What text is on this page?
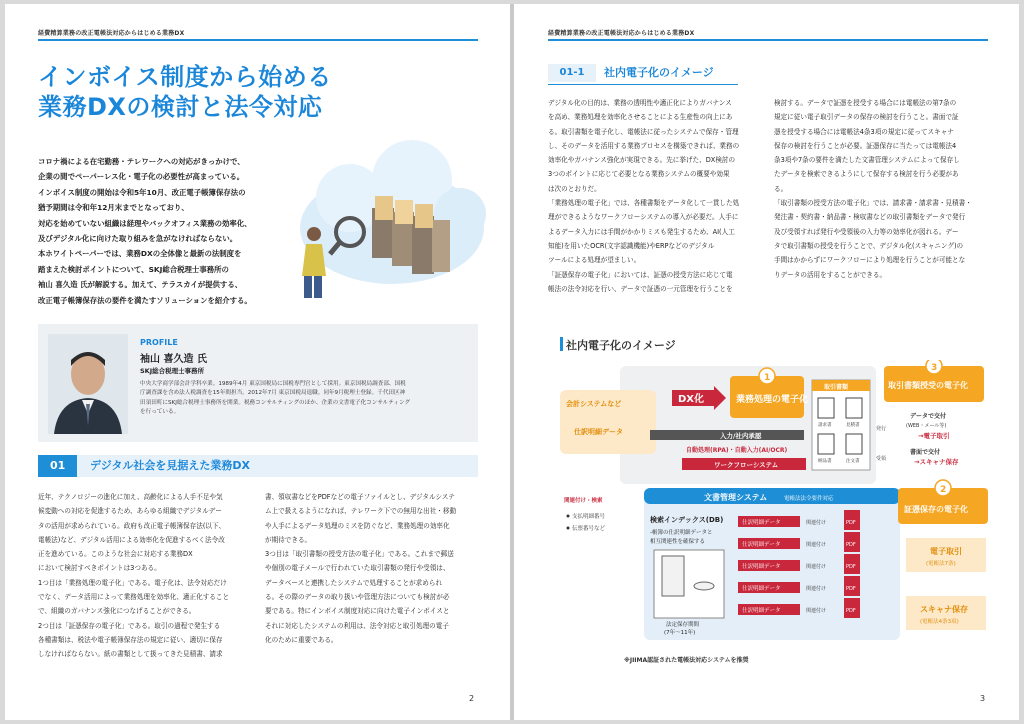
経費精算業務の改正電帳法対応からはじめる業務DX
インボイス制度から始める
業務DXの検討と法令対応

コロナ禍による在宅勤務・テレワークへの対応がきっかけで、

企業の間でペーパーレス化・電子化の必要性が高まっている。

インボイス制度の開始は令和5年10月、改正電子帳簿保存法の

猶予期間は令和年12月末までとなっており、

対応を始めていない組織は経理やバックオフィス業務の効率化、

及びデジタル化に向けた取り組みを急がなければならない。

本ホワイトペーパーでは、業務DXの全体像と最新の法制度を

踏まえた検討ポイントについて、SKJ総合税理士事務所の

袖山 喜久造 氏が解説する。加えて、テラスカイが提供する、

改正電子帳簿保存法の要件を満たすソリューションを紹介する。

PROFILE
袖山 喜久造 氏
SKJ総合税理士事務所
中央大学商学部会計学科卒業。1989年4月 東京国税局に国税専門官として採用。東京国税局調査部、国税
庁調査課を含め法人税調査を15年間担当。2012年7月 東京国税局退職。同年9月税理士登録。千代田区神
田須田町にSKJ総合税理士事務所を開業。税務コンサルティングのほか、企業の文書電子化コンサルティング
を行っている。
01	デジタル社会を見据えた業務DX

近年、テクノロジーの進化に加え、高齢化による人手不足や気

候変動への対応を促進するため、あらゆる組織でデジタルデー

タの活用が求められている。政府も改正電子帳簿保存法(以下、

電帳法)など、デジタル活用による効率化を促進するべく法令改

正を進めている。このような社会に対応する業務DX

において検討すべきポイントは3つある。

1つ目は「業務処理の電子化」である。電子化は、法令対応だけ

でなく、データ活用によって業務処理を効率化、適正化すること

で、組織のガバナンス強化につなげることができる。

2つ目は「証憑保存の電子化」である。取引の過程で発生する

各種書類は、税法や電子帳簿保存法の規定に従い、適切に保存

しなければならない。紙の書類として扱ってきた見積書、請求

書、領収書などをPDFなどの電子ファイルとし、デジタルシステ

ム上で扱えるようになれば、テレワーク下での無用な出社・移動

や人手によるデータ処理のミスを防ぐなど、業務処理の効率化

が期待できる。

3つ目は「取引書類の授受方法の電子化」である。これまで郵送

や個別の電子メールで行われていた取引書類の発行や受領は、

データベースと連携したシステムで処理することが求められ

る。その際のデータの取り扱いや管理方法についても検討が必

要である。特にインボイス制度対応に向けた電子インボイスと

それに対応したシステムの利用は、法令対応と取引処理の電子

化のために重要である。

2
経費精算業務の改正電帳法対応からはじめる業務DX
01-1	社内電子化のイメージ

デジタル化の目的は、業務の透明性や適正化によりガバナンス

を高め、業務処理を効率化させることによる生産性の向上にあ

る。取引書類を電子化し、電帳法に従ったシステムで保存・管理

し、そのデータを活用する業務プロセスを構築できれば、業務の

効率化やガバナンス強化が実現できる。先に挙げた、DX検討の

3つのポイントに応じて必要となる業務システムの概要や効果

は次のとおりだ。

「業務処理の電子化」では、各種書類をデータ化して一貫した処

理ができるようなワークフローシステムの導入が必要だ。人手に

よるデータ入力には手間がかかりミスも発生するため、AI(人工

知能)を用いたOCR(文字認識機能)やERPなどのデジタル

ツールによる処理が望ましい。

「証憑保存の電子化」においては、証憑の授受方法に応じて電

帳法の法令対応を行い、データで証憑の一元管理を行うことを

検討する。データで証憑を授受する場合には電帳法の第7条の

規定に従い電子取引データの保存の検討を行うこと。書面で証

憑を授受する場合には電帳法4条3項の規定に従ってスキャナ

保存の検討を行うことが必要。証憑保存に当たっては電帳法4

条3項や7条の要件を満たした文書管理システムによって保存し

たデータを検索できるようにして保存する検討を行う必要があ

る。

「取引書類の授受方法の電子化」では、請求書・請求書・見積書・

発注書・契約書・納品書・検収書などの取引書類をデータで発行

及び受領すれば発行や受領後の入力等の効率化が図れる。デー

タで取引書類の授受を行うことで、デジタル化(スキャニング)の

手間はかからずにワークフローにより処理を行うことが可能とな

りデータの活用をすることができる。

社内電子化のイメージ
会計システムなど
仕訳明細データ
DX化
1
業務処理の電子化
入力/社内承認
自動処理(RPA)・自動入力(AI/OCR)
ワークフローシステム
取引書類
請求書	見積書
納品書	注文書
3
取引書類授受の電子化
発行
受領
データで交付
(WEB・メール等)
→電子取引
書面で交付
→スキャナ保存
文書管理システム	電帳法法令要件対応
関連付け・検索
支払明細番号
伝票番号など
検索インデックス(DB)
-帳簿の仕訳明細データと
相互関連性を確保する
法定保存期間
(7年〜11年)
仕訳明細データ	関連付け	PDF
仕訳明細データ	関連付け	PDF
仕訳明細データ	関連付け	PDF
仕訳明細データ	関連付け	PDF
仕訳明細データ	関連付け	PDF
2
証憑保存の電子化
電子取引
(電帳法7条)
スキャナ保存
(電帳法4条3項)
※JIIMA認証された電帳法対応システムを推奨
3
